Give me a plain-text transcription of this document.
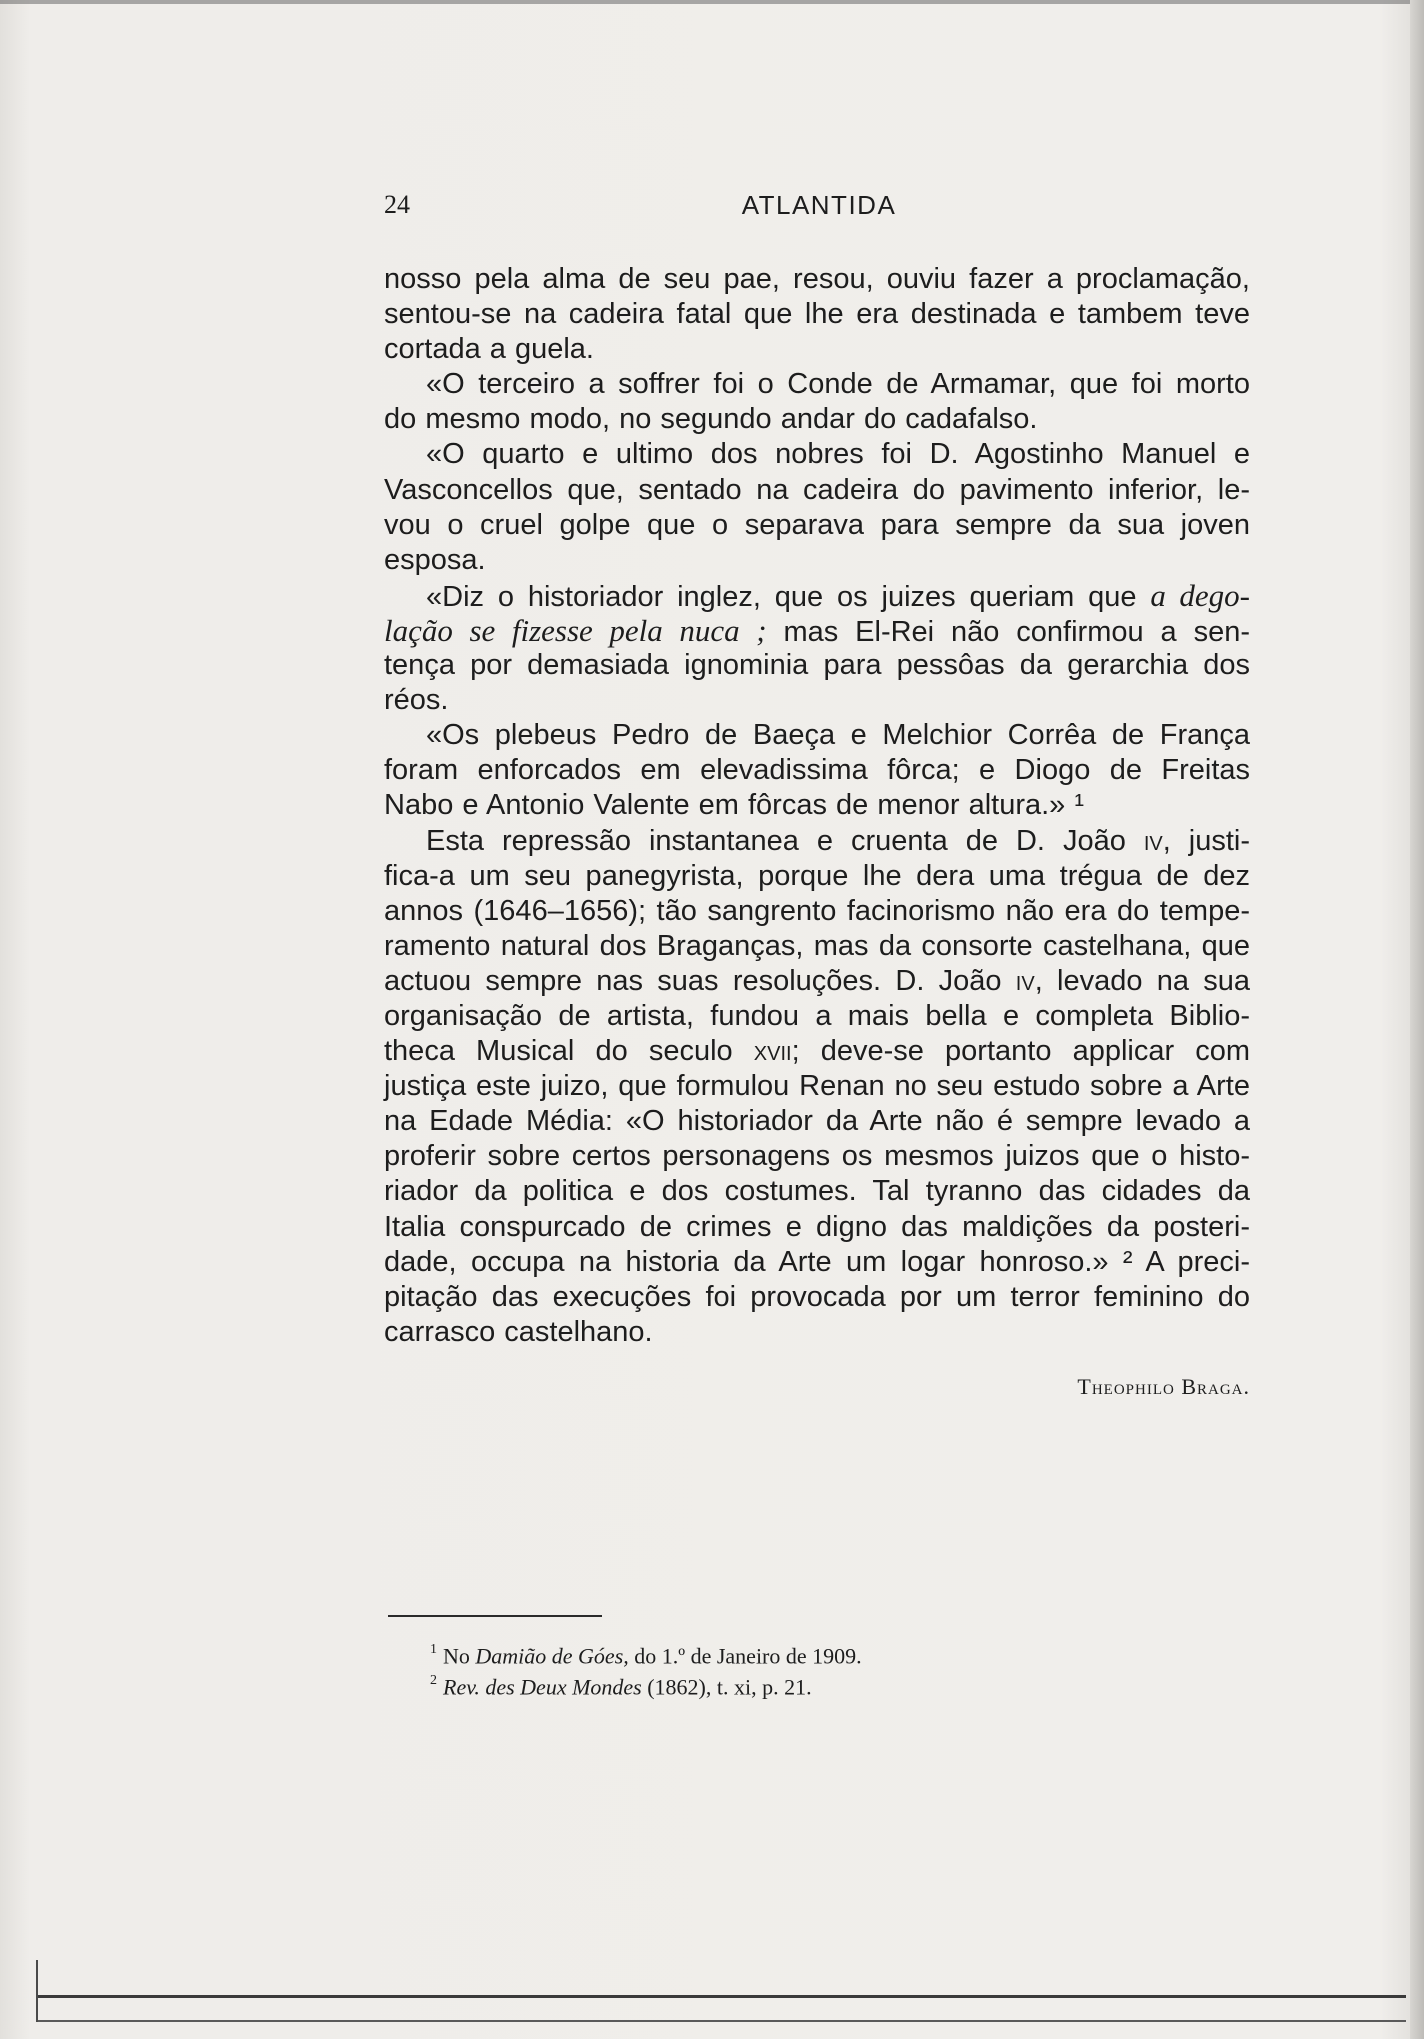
24	ATLANTIDA
nosso pela alma de seu pae, resou, ouviu fazer a proclamação,
sentou-se na cadeira fatal que lhe era destinada e tambem teve
cortada a guela.
«O terceiro a soffrer foi o Conde de Armamar, que foi morto
do mesmo modo, no segundo andar do cadafalso.
«O quarto e ultimo dos nobres foi D. Agostinho Manuel e
Vasconcellos que, sentado na cadeira do pavimento inferior, le-
vou o cruel golpe que o separava para sempre da sua joven
esposa.
«Diz o historiador inglez, que os juizes queriam que a dego-
lação se fizesse pela nuca ; mas El-Rei não confirmou a sen-
tença por demasiada ignominia para pessôas da gerarchia dos
réos.
«Os plebeus Pedro de Baeça e Melchior Corrêa de França
foram enforcados em elevadissima fôrca; e Diogo de Freitas
Nabo e Antonio Valente em fôrcas de menor altura.» ¹
Esta repressão instantanea e cruenta de D. João iv, justi-
fica-a um seu panegyrista, porque lhe dera uma trégua de dez
annos (1646–1656); tão sangrento facinorismo não era do tempe-
ramento natural dos Braganças, mas da consorte castelhana, que
actuou sempre nas suas resoluções. D. João iv, levado na sua
organisação de artista, fundou a mais bella e completa Biblio-
theca Musical do seculo xvii; deve-se portanto applicar com
justiça este juizo, que formulou Renan no seu estudo sobre a Arte
na Edade Média: «O historiador da Arte não é sempre levado a
proferir sobre certos personagens os mesmos juizos que o histo-
riador da politica e dos costumes. Tal tyranno das cidades da
Italia conspurcado de crimes e digno das maldições da posteri-
dade, occupa na historia da Arte um logar honroso.» ² A preci-
pitação das execuções foi provocada por um terror feminino do
carrasco castelhano.
Theophilo Braga.
$^1$ No Damião de Góes, do 1.º de Janeiro de 1909.
$^2$ Rev. des Deux Mondes (1862), t. xi, p. 21.
